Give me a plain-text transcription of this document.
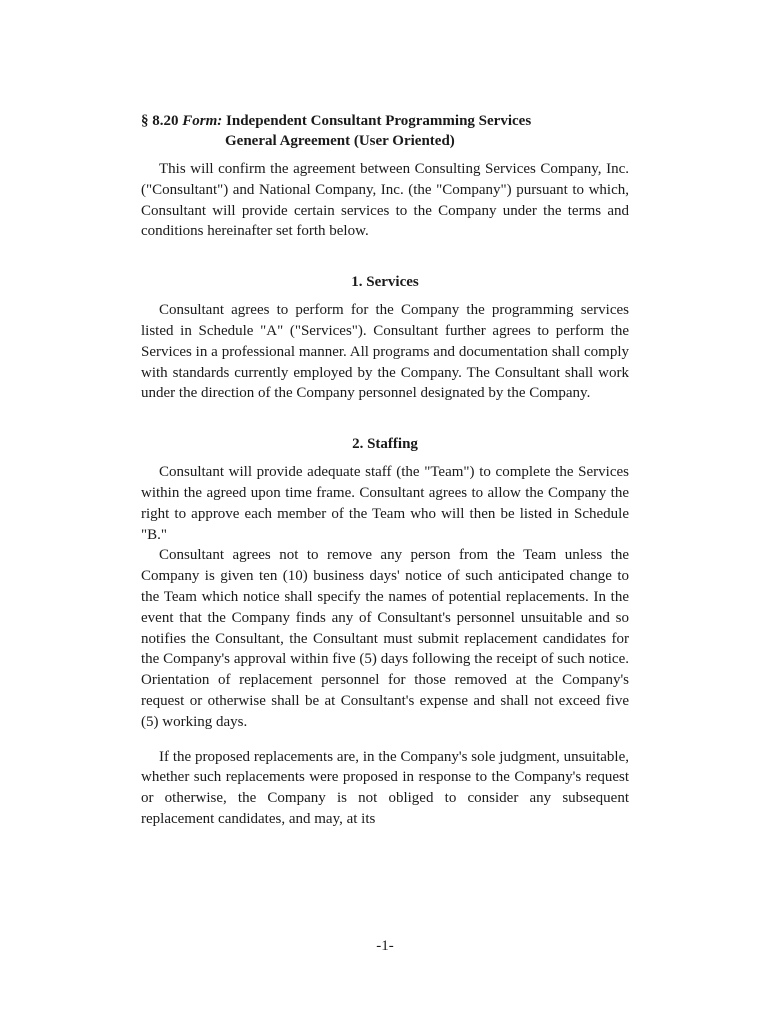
§ 8.20 Form: Independent Consultant Programming Services
General Agreement (User Oriented)

This will confirm the agreement between Consulting Services Company, Inc. ("Consultant") and National Company, Inc. (the "Company") pursuant to which, Consultant will provide certain services to the Company under the terms and conditions hereinafter set forth below.

1. Services

Consultant agrees to perform for the Company the programming services listed in Schedule "A" ("Services"). Consultant further agrees to perform the Services in a professional manner. All programs and documentation shall comply with standards currently employed by the Company. The Consultant shall work under the direction of the Company personnel designated by the Company.

2. Staffing

Consultant will provide adequate staff (the "Team") to complete the Services within the agreed upon time frame. Consultant agrees to allow the Company the right to approve each member of the Team who will then be listed in Schedule "B."

Consultant agrees not to remove any person from the Team unless the Company is given ten (10) business days' notice of such anticipated change to the Team which notice shall specify the names of potential replacements. In the event that the Company finds any of Consultant's personnel unsuitable and so notifies the Consultant, the Consultant must submit replacement candidates for the Company's approval within five (5) days following the receipt of such notice. Orientation of replacement personnel for those removed at the Company's request or otherwise shall be at Consultant's expense and shall not exceed five (5) working days.

If the proposed replacements are, in the Company's sole judgment, unsuitable, whether such replacements were proposed in response to the Company's request or otherwise, the Company is not obliged to consider any subsequent replacement candidates, and may, at its

-1-
